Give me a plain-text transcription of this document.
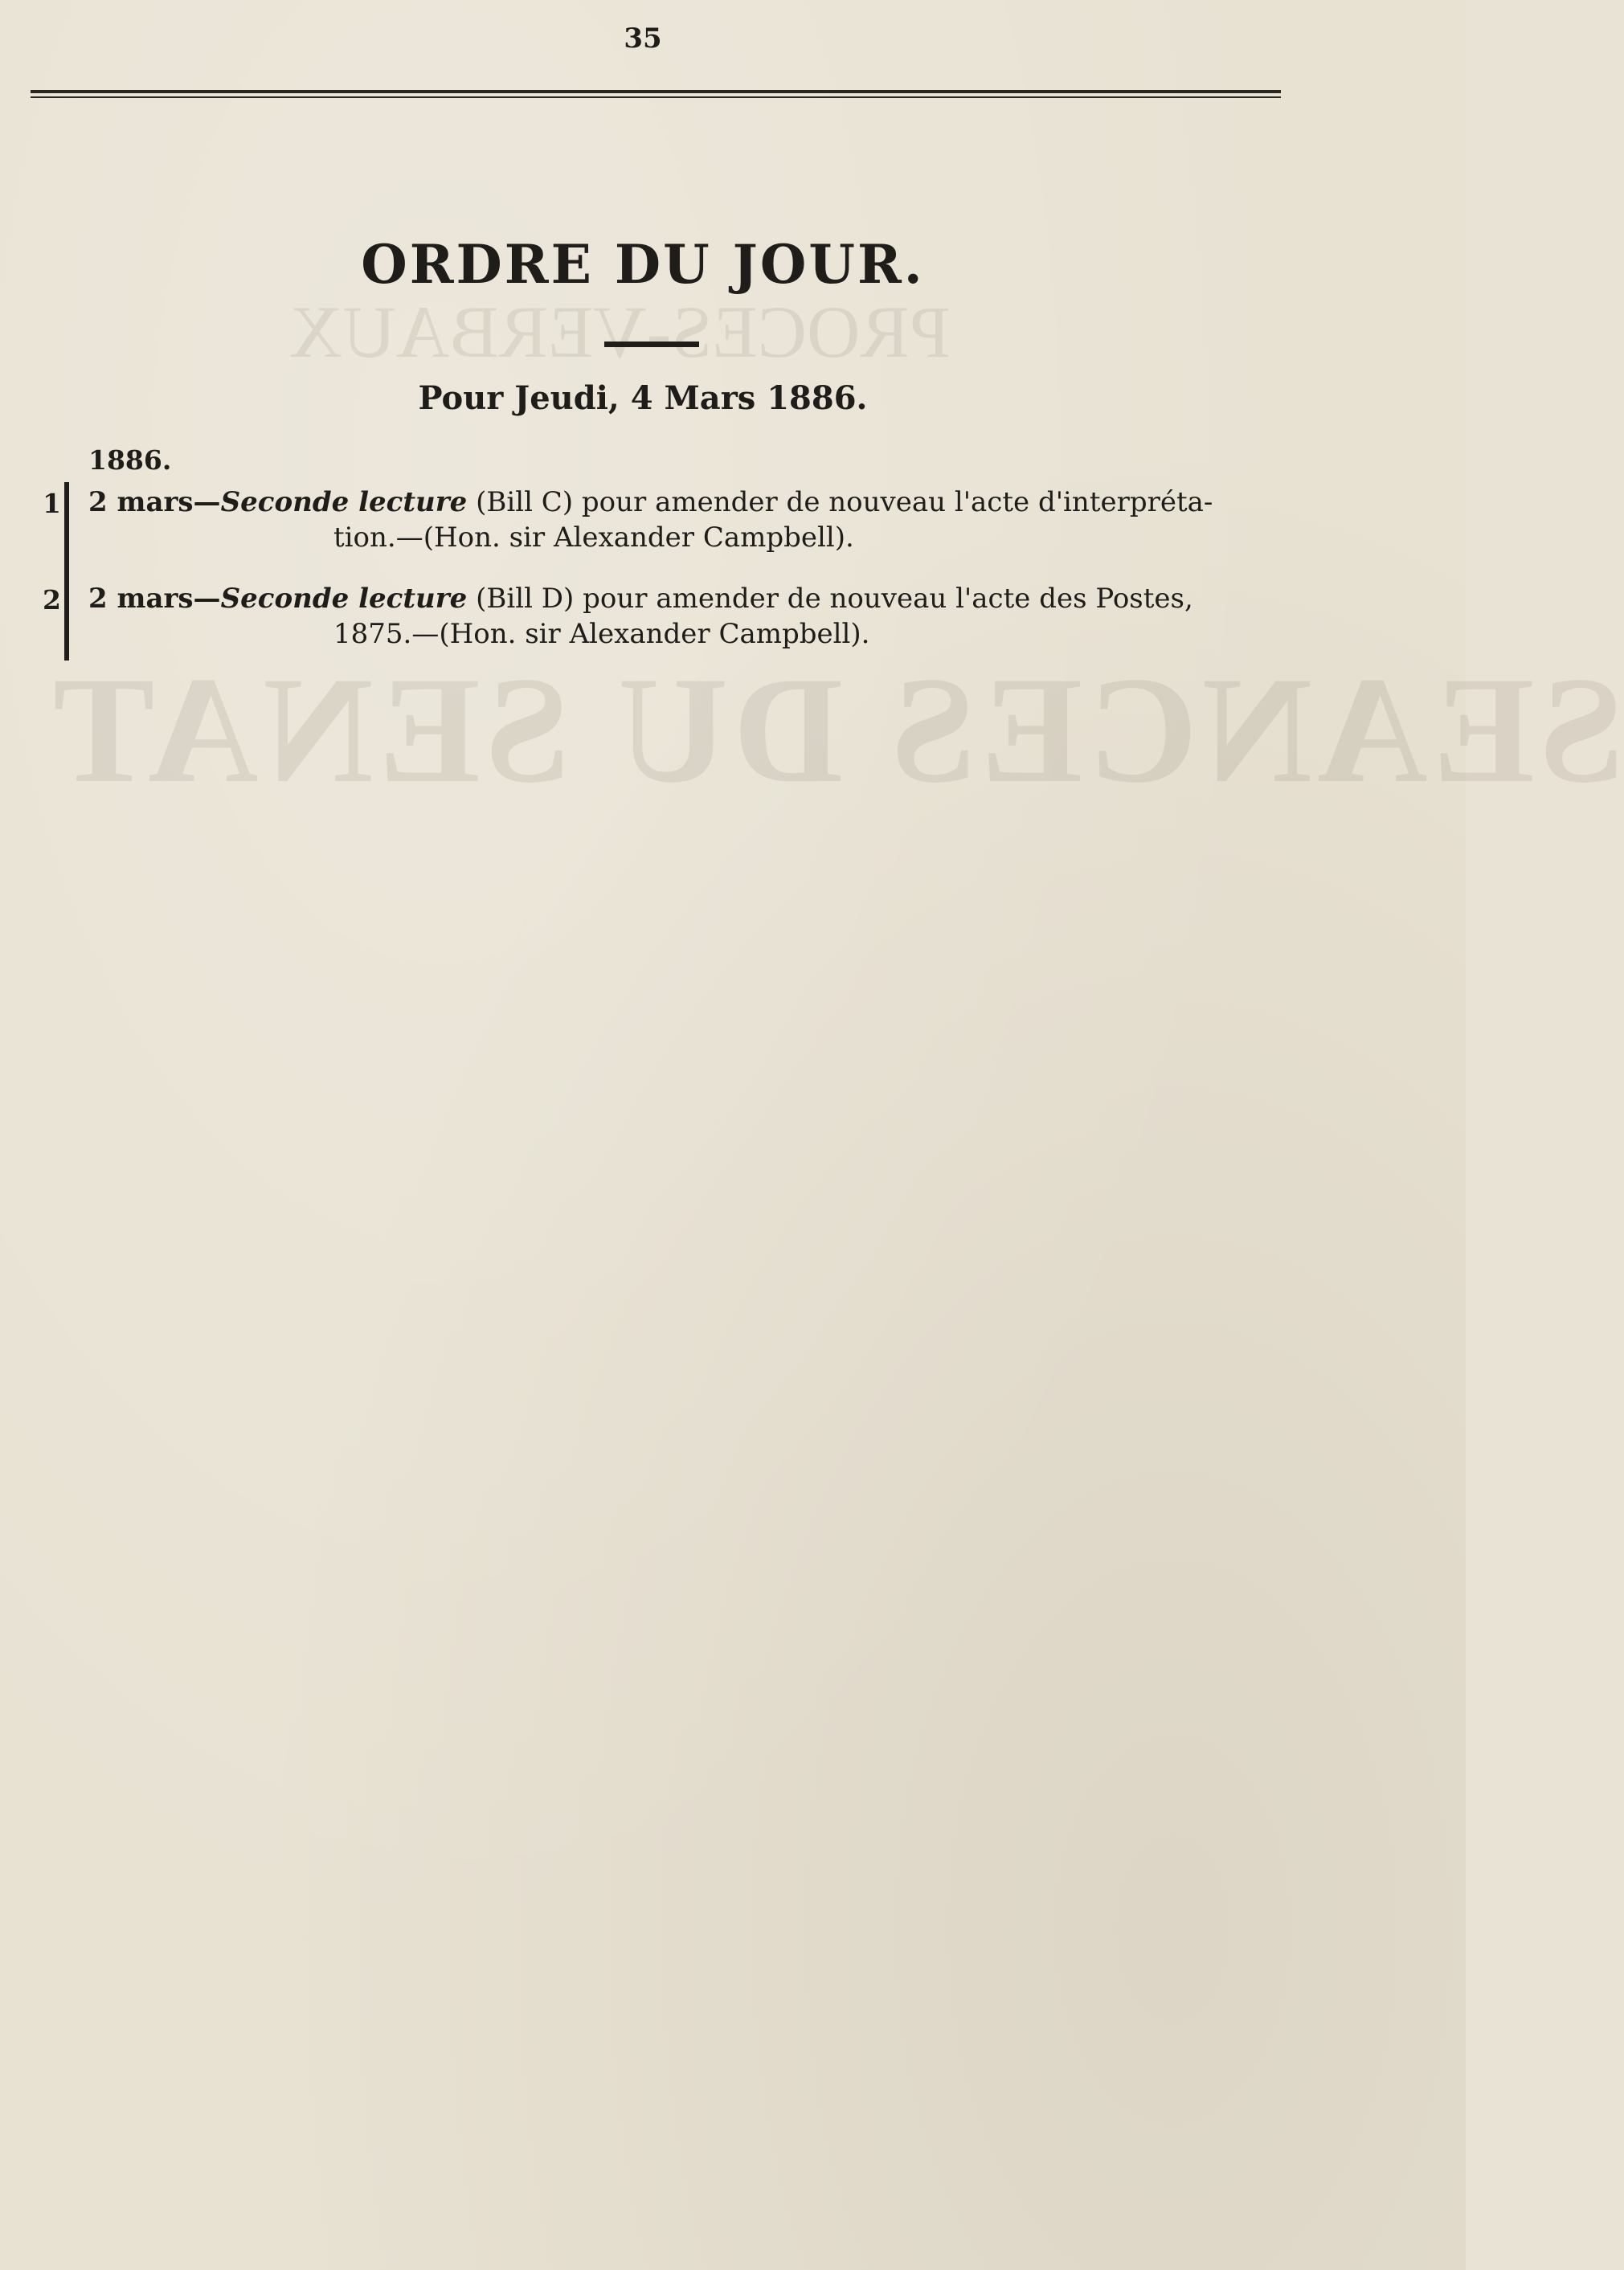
PROCES-VERBAUX
SEANCES DU SENAT
35
ORDRE DU JOUR.
Pour Jeudi, 4 Mars 1886.
1886.
1 2 mars—Seconde lecture (Bill C) pour amender de nouveau l'acte d'interpréta-
tion.—(Hon. sir Alexander Campbell).
2 2 mars—Seconde lecture (Bill D) pour amender de nouveau l'acte des Postes,
1875.—(Hon. sir Alexander Campbell).
